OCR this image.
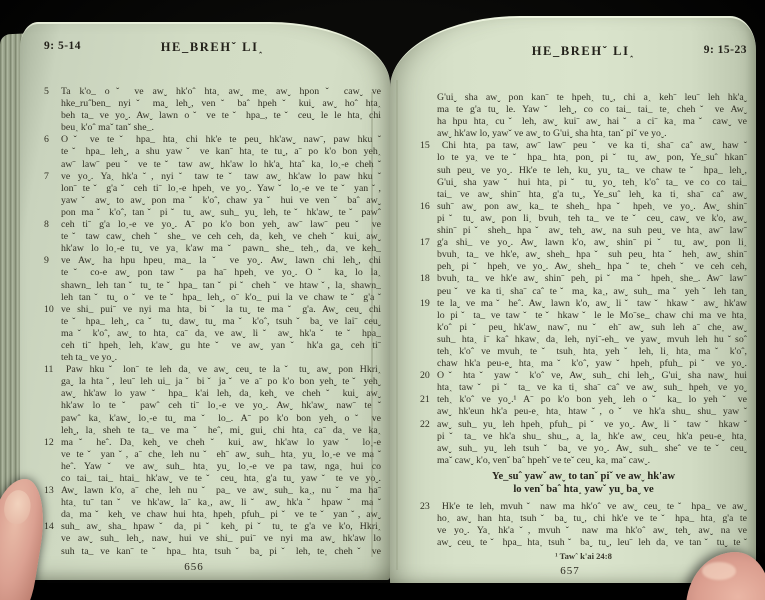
9: 5-14	HE_BREHˇ LI˰
5	Ta k'o_ oˇ ve awˬ hk'oˆ hta˰ awˬ me˰ awˬ hponˇ cawˬ ve
hke_ruˆben_ nyiˇ maˬ lehˬ, venˇ baˆ hpehˇ kuiˬ awˬ hoˆ hta˰
beh ta_ ve yoˬ. Awˬ lawn oˇ ve teˇ hpa_, teˇ ceuˬ le le hta˰ chi
beu˰ k'oˆ maˇ tanˇ she_.
6	Oˇ ve teˇ hpa_ hta˰ chi hk'e te peuˬ hk'awˬ nawˉ, paw hkuˇ
teˇ hpa_ lehˬ, a shu yawˇ ve kanˉ hta˰ te tuˬ, aˉ po k'o bon yeh˰
awˉ lawˉ peuˇ ve teˇ taw awˬ hk'aw lo hk'aˬ htaˆ ka˰ lo˰-e chehˇ
7	ve yoˬ. Ya˰ hk'aˇ, nyiˇ taw teˇ taw awˬ hk'aw lo paw hkuˇ
lonˉ teˇ g'aˇ ceh tiˉ lo˰-e hpeh˰ ve yoˬ. Yawˇ lo˰-e ve teˇ yanˇ,
yawˇ awˬ to awˬ pon maˇ k'oˆ, chaw yaˇ hui ve venˇ baˆ awˬ
pon maˇ k'oˆ, tanˇ piˇ tuˬ awˬ suh_ yuˬ leh, teˇ hk'awˬ teˇ pawˆ
8	ceh tiˉ g'a lo˰-e ve yoˬ. Aˉ po k'o bon yehˬ awˉ lawˉ peuˇ ve
teˇ taw cawˬ chehˇ she_ ve ceh ceh, da˰ kehˬ ve chehˇ kuiˬ awˬ
hk'aw lo lo˰-e tuˬ ve ya˰ k'aw maˇ pawn_ she_ teh˰, da˰ ve keh_
9	ve Awˬ ha hpu hpeu˰ ma_ laˇ ve yoˬ. Awˬ lawn chi lehˬ, chi
teˇ co-e awˬ pon tawˇ pa haˉ hpeh˰ ve yoˬ. Oˇ kaˬ lo la˰
shawn_ leh tanˇ tuˬ teˇ hpa_ tanˇ piˇ chehˇ ve htawˇ, la˰ shawn_
leh tanˇ tuˬ oˇ ve teˇ hpa_ lehˬ, oˉ k'o_ pui la ve chaw teˇ g'aˇ
10 ve shi_ puiˉ ve nyi ma hta˰ biˇ la tuˬ te maˇ g'a. Awˬ ceuˬ chi
teˇ hpa_ lehˬ, caˇ tuˬ dawˬ tuˬ maˇ k'oˆ, tsuhˇ baˬ ve laiˉ ceuˬ
maˇ k'oˆ, awˬ to hta˰ caˉ da˰ ve awˬ liˇ awˬ hk'aˇ teˇ hpa_
ceh tiˉ hpeh˰ leh, k'awˬ gu hteˇ ve awˬ yanˇ hk'a gaˬ ceh tiˉ
teh ta_ ve yoˬ.
11  Paw hkuˇ lonˉ te leh da˰ ve awˬ ceuˬ te laˇ tuˬ awˬ pon Hkri˰
gaˬ la htaˇ, leuˉ leh ui_ jaˇ biˇ jaˇ ve aˉ po k'o bon yehˬ teˇ yehˬ
awˬ hk'aw lo yawˇ hpa_ k'ai leh, da˰ kehˬ ve chehˇ kuiˬ awˬ
hk'aw lo teˇ pawˆ ceh tiˉ lo˰-e ve yoˬ. Awˬ hk'awˬ nawˉ teˇ
pawˆ ka˰ k'awˬ lo˰-e tuˬ maˇ lo_. Aˉ po k'o bon yehˬ oˇ ve
lehˬ, la˰ sheh te ta_ ve maˇ heˆ, miˬ guiˬ chi hta˰ caˉ da˰ ve ka˰
12 maˇ heˆ. Da˰ kehˬ ve chehˇ kuiˬ awˬ hk'aw lo yawˇ lo˰-e
ve teˇ yanˇ, aˉ che˰ leh nuˇ ehˉ awˬ suh_ hta˰ yuˬ lo˰-e ve maˇ
heˆ. Yawˇ ve awˬ suh_ hta˰ yuˬ lo˰-e ve pa taw, nga˰ hui co
co tai_ tai_ htai_ hk'awˬ ve teˇ ceuˬ hta˰ g'a tuˬ yawˇ te ve yoˬ.
13 Awˬ lawn k'o, aˉ che˰ leh nuˇ pa_ ve awˬ suh_ ka˰, nuˇ ma haˉ
hta˰ tuˉ tanˇ ve hk'awˬ laˉ ka˰, awˬ liˇ awˬ hk'aˇ hpawˇ maˇ
da˰ maˇ kehˬ ve chaw hui hta˰ hpeh˰ pfuh_ piˇ ve teˇ yanˇ, awˬ
14 suh_ awˬ sha_ hpawˇ da˰ piˇ kehˬ piˇ tuˬ te g'a ve k'o, Hkri˰
ve awˬ suh_ lehˬ, nawˬ hui ve shi_ puiˉ ve nyi ma awˬ hk'aw lo
suh ta_ ve kanˉ teˇ hpa_ hta˰ tsuhˇ baˬ piˇ leh, te˰ chehˇ ve
656
HE_BREHˇ LI˰	9: 15-23
G'uiˬ sha awˬ pon kanˉ te hpeh˰ tuˬ, chi a˰ kehˉ leuˉ leh hk'aˬ
ma te g'a tuˬ le. Yawˇ lehˬ, co co tai_ tai_ te˰ chehˇ ve Awˬ
ha hpu hta˰ cuˇ leh, awˬ kuiˉ awˬ haiˇ a ciˉ ka˰ maˇ cawˬ ve
awˬ hk'aw lo, yawˇ ve awˬ to G'uiˬ sha hta˰ tanˇ piˇ ve yoˬ.
15  Chi hta˰ pa taw, awˉ lawˉ peuˇ ve ka ti˰ shaˉ caˆ awˬ hawˇ
lo te ya˰ ve teˇ hpa_ hta˰ ponˬ piˇ tuˬ awˬ pon, Ye_suˆ hkanˉ
suh peuˬ ve yoˬ. Hk'e te leh, kuˬ yuˬ ta_ ve chaw teˇ hpa_ lehˬ,
G'uiˬ sha yawˇ hui hta˰ piˇ tuˬ yoˬ teh˰ k'oˆ ta_ ve co co tai_
tai_ ve awˬ shinˉ hta˰ g'a tuˬ, Ye_suˆ lehˬ ka ti˰ shaˉ caˆ awˬ
16 suhˉ awˬ pon awˬ ka_ te sheh_ hpaˇ hpeh˰ ve yoˬ. Awˬ shinˉ
piˇ tuˬ awˬ pon li˰ bvuh˰ teh ta_ ve teˇ ceuˬ cawˬ ve k'o, awˬ
shinˉ piˇ sheh_ hpaˇ awˬ tehˬ awˬ na suh peuˬ ve hta˰ awˉ lawˉ
17 g'a shi_ ve yoˬ. Awˬ lawn k'o, awˬ shinˉ piˇ tuˬ awˬ pon li˰
bvuh˰ ta_ ve hk'e, awˬ sheh_ hpaˇ suh peuˬ htaˇ heh˰ awˬ shinˉ
pehˬ piˇ hpeh˰ ve yoˬ. Awˬ sheh_ hpaˇ te˰ chehˇ ve ceh ceh,
18 bvuh˰ ta_ ve hk'e awˬ shinˉ pehˬ piˇ maˇ hpeh˰ she_. Awˉ lawˉ
peuˇ ve ka ti˰ shaˉ caˆ teˇ maˬ ka˰, awˬ suh_ maˇ yehˇ leh tanˬ
19 te laˬ ve maˇ heˆ. Awˬ lawn k'o, awˬ liˇ tawˇ hkawˇ awˬ hk'aw
lo piˇ ta_ ve tawˇ teˇ hkawˇ le le Moˉse_ chaw chi ma ve hta˰
k'oˆ piˇ peuˬ hk'awˬ nawˉ, nuˇ ehˉ awˬ suh leh aˉ che˰ awˬ
suh_ hta˰ iˉ kaˆ hkaw˰ da˰ leh, nyiˉ-eh_ ve yawˬ mvuh leh huˇsoˆ
teh˰ k'oˆ ve mvuh˰ teˇ tsuh˰ hta˰ yehˇ leh, li˰ hta˰ maˇ k'oˆ,
chaw hk'a peu-eˬ hta˰ maˇ k'oˆ, yawˇ hpeh˰ pfuh_ piˇ ve yoˬ.
20 Oˇ htaˇ yawˇ k'oˆ ve, Awˬ suh_ chi lehˬ, G'uiˬ sha nawˬ hui
hta˰ tawˇ piˇ ta_ ve ka ti˰ shaˉ caˆ ve awˬ suh_ hpeh˰ ve yoˬ
21 teh˰ k'oˆ ve yoˬ.¹ Aˉ po k'o bon yehˬ leh oˇ ka_ lo yehˇ ve
awˬ hk'eun hk'a peu-e˰ hta˰ htawˇ, oˇ ve hk'a shu_ shu_ yawˇ
22 awˬ suh_ yuˬ leh hpeh˰ pfuh_ piˇ ve yoˬ. Awˬ liˇ tawˇ hkawˇ
piˇ ta_ ve hk'a shu_ shu_, aˬ laˬ hk'e awˬ ceuˬ hk'a peu-eˬ hta˰
awˬ suh_ yuˬ leh tsuhˇ baˬ ve yoˬ. Awˬ suh_ sheˆ ve teˇ ceuˬ
maˇ cawˬ k'o, venˇ baˆ hpehˇ ve teˇ ceuˬ ka˰ maˇ cawˬ.
Ye_suˆ yawˇ awˬ to tanˇ piˇ ve awˬ hk'aw
lo venˇ baˆ hta˰ yawˇ yuˬ baˬ ve
23  Hk'e te leh, mvuhˇ naw ma hk'oˆ ve awˬ ceuˬ teˇ hpa_ ve awˬ
ho˰ awˬ han hta˰ tsuhˇ baˬ tuˬ, chi hk'e ve teˇ hpa_ hta˰ g'a te
ve yoˬ. Ya˰ hk'aˇ, mvuhˇ naw ma hk'oˆ awˬ tehˬ awˬ na ve
awˬ ceuˬ teˇ hpa_ hta˰ tsuhˇ baˬ tuˬ, leuˉ leh da˰ ve tanˇ tuˬ teˇ
¹ Tawˆ k'ai 24:8
657
